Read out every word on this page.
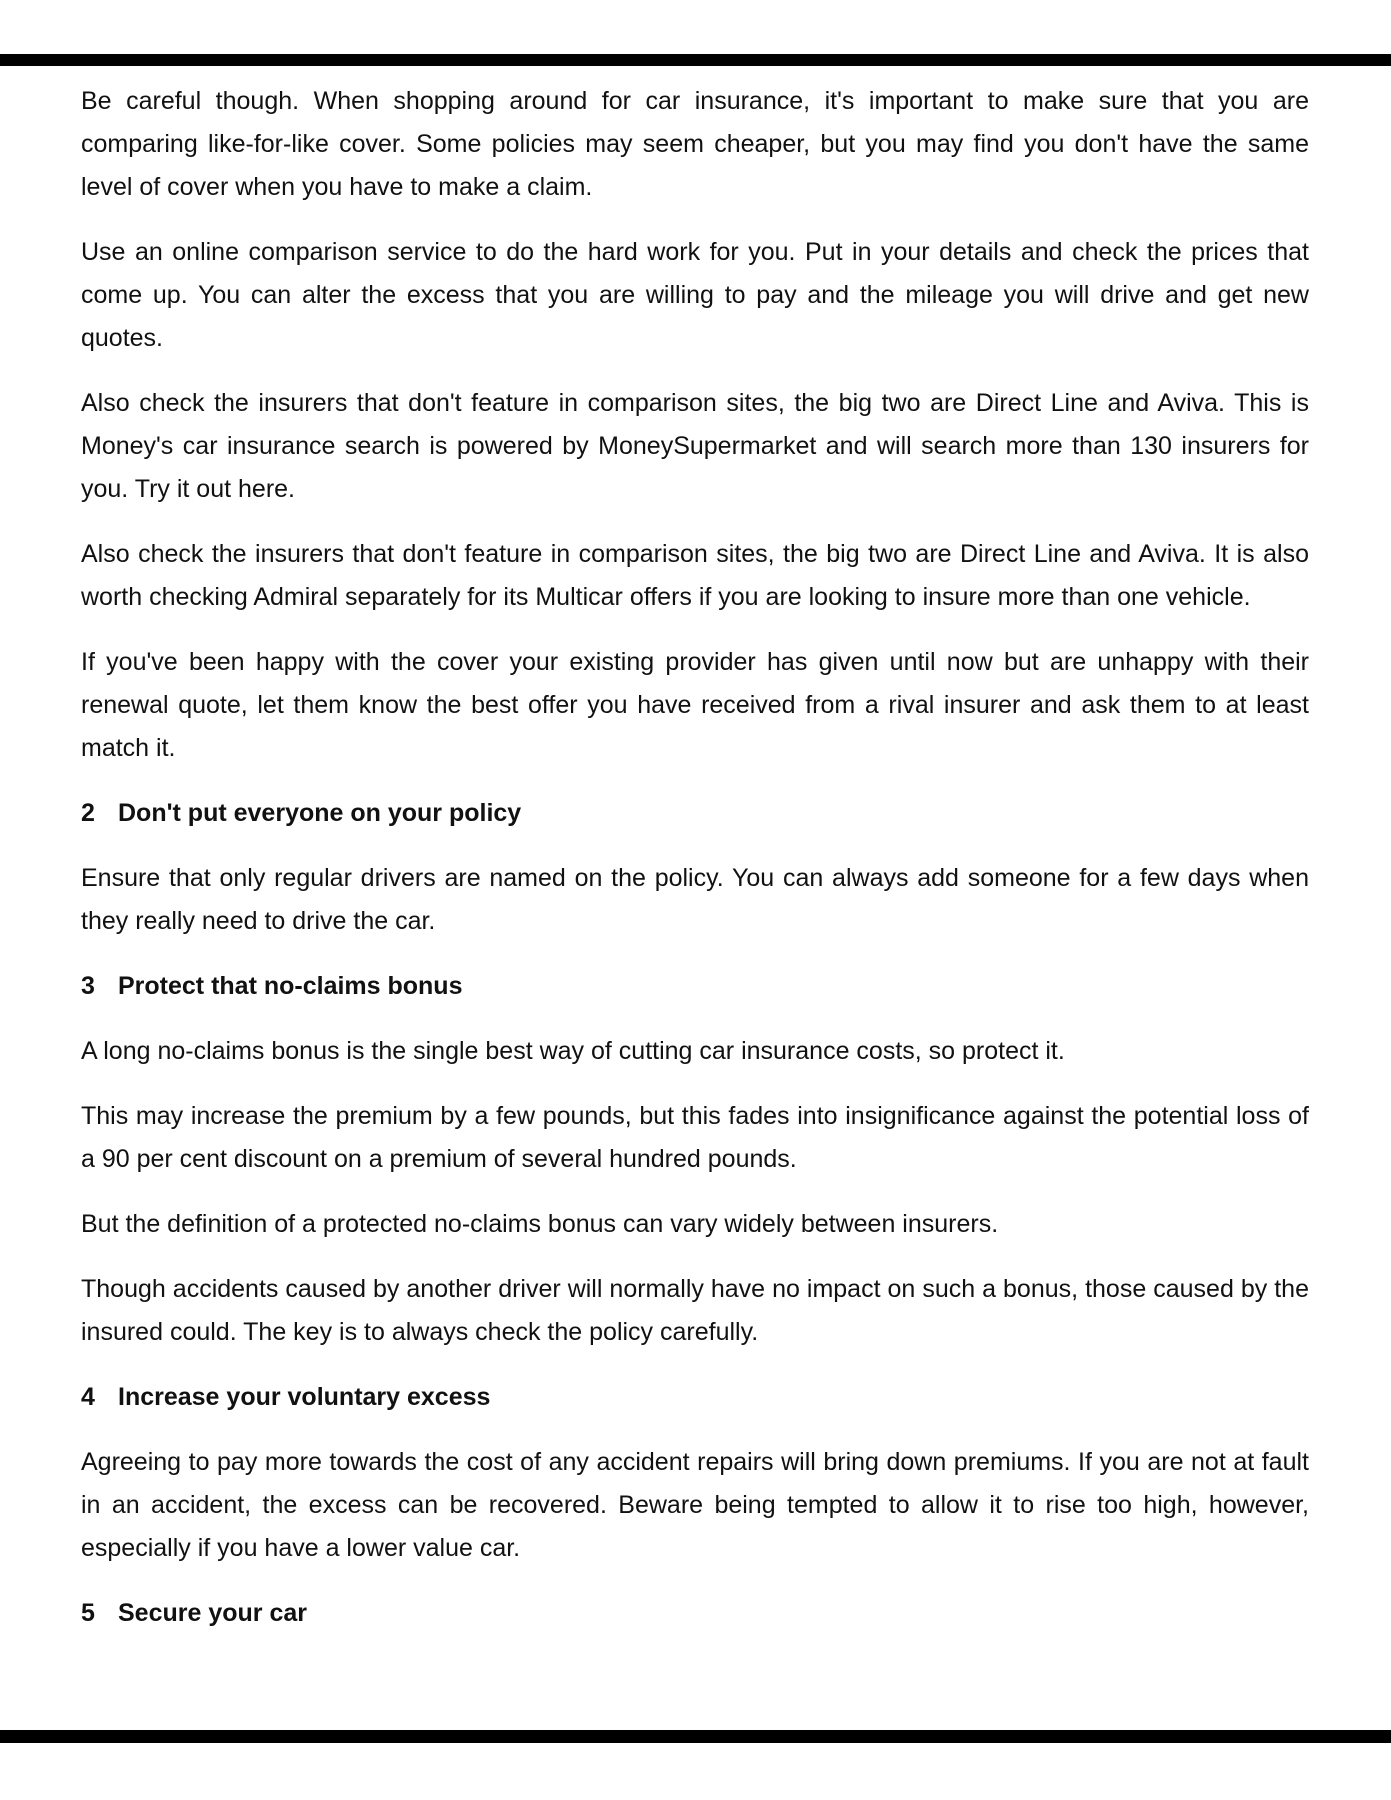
Be careful though. When shopping around for car insurance, it's important to make sure that you are comparing like-for-like cover. Some policies may seem cheaper, but you may find you don't have the same level of cover when you have to make a claim.

Use an online comparison service to do the hard work for you. Put in your details and check the prices that come up. You can alter the excess that you are willing to pay and the mileage you will drive and get new quotes.

Also check the insurers that don't feature in comparison sites, the big two are Direct Line and Aviva. This is Money's car insurance search is powered by MoneySupermarket and will search more than 130 insurers for you. Try it out here.

Also check the insurers that don't feature in comparison sites, the big two are Direct Line and Aviva. It is also worth checking Admiral separately for its Multicar offers if you are looking to insure more than one vehicle.

If you've been happy with the cover your existing provider has given until now but are unhappy with their renewal quote, let them know the best offer you have received from a rival insurer and ask them to at least match it.

2 Don't put everyone on your policy

Ensure that only regular drivers are named on the policy. You can always add someone for a few days when they really need to drive the car.

3 Protect that no-claims bonus

A long no-claims bonus is the single best way of cutting car insurance costs, so protect it.

This may increase the premium by a few pounds, but this fades into insignificance against the potential loss of a 90 per cent discount on a premium of several hundred pounds.

But the definition of a protected no-claims bonus can vary widely between insurers.

Though accidents caused by another driver will normally have no impact on such a bonus, those caused by the insured could. The key is to always check the policy carefully.

4 Increase your voluntary excess

Agreeing to pay more towards the cost of any accident repairs will bring down premiums. If you are not at fault in an accident, the excess can be recovered. Beware being tempted to allow it to rise too high, however, especially if you have a lower value car.

5 Secure your car
